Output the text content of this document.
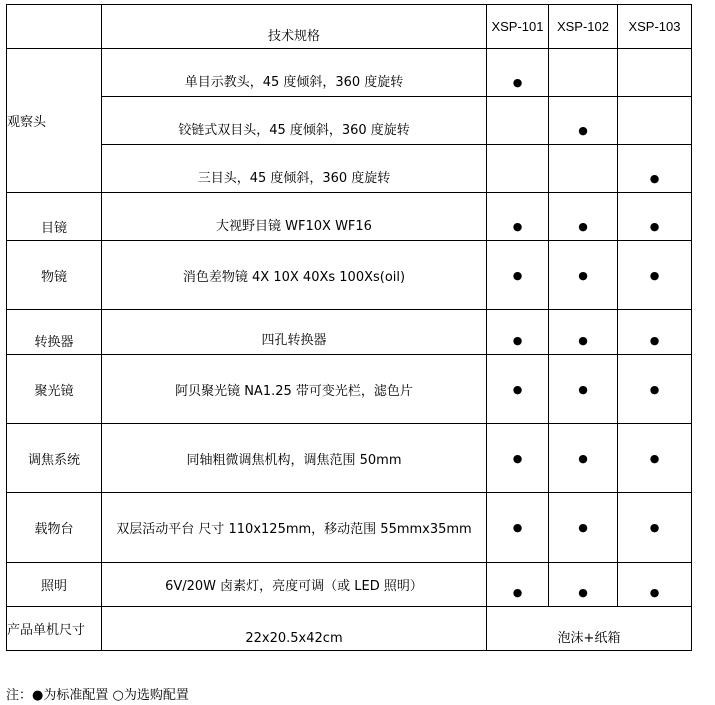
	技术规格	XSP-101	XSP-102	XSP-103
观察头	单目示教头，45 度倾斜，360 度旋转	●		
	铰链式双目头，45 度倾斜，360 度旋转		●	
	三目头，45 度倾斜，360 度旋转			●
目镜	大视野目镜 WF10X WF16	●	●	●
物镜	消色差物镜 4X 10X 40Xs 100Xs(oil)	●	●	●
转换器	四孔转换器	●	●	●
聚光镜	阿贝聚光镜 NA1.25 带可变光栏，滤色片	●	●	●
调焦系统	同轴粗微调焦机构，调焦范围 50mm	●	●	●
载物台	双层活动平台 尺寸 110x125mm，移动范围 55mmx35mm	●	●	●
照明	6V/20W 卤素灯，亮度可调（或 LED 照明）	●	●	●
产品单机尺寸	22x20.5x42cm	泡沫+纸箱		
注：●为标准配置 ○为选购配置
